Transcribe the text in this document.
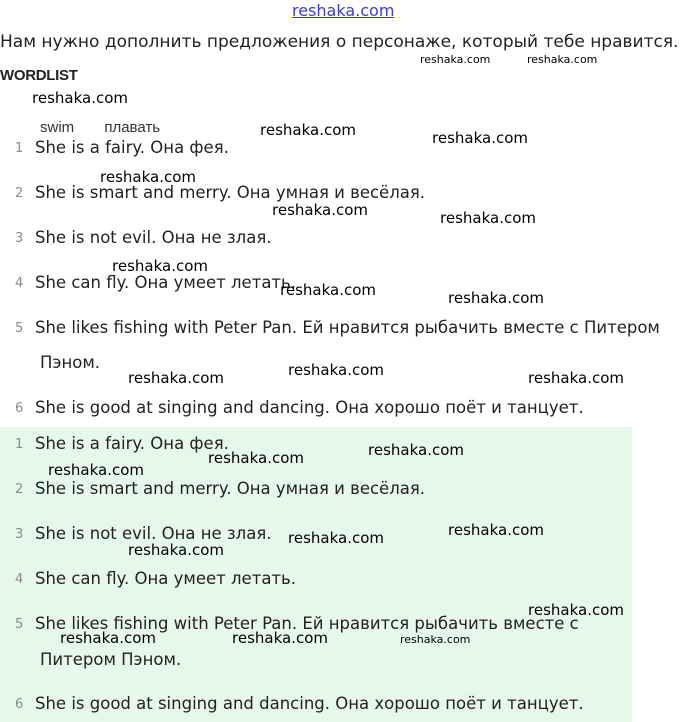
reshaka.com
Нам нужно дополнить предложения о персонаже, который тебе нравится.
WORDLIST
swim плавать
1 She is a fairy. Она фея.
2 She is smart and merry. Она умная и весёлая.
3 She is not evil. Она не злая.
4 She can fly. Она умеет летать.
5 She likes fishing with Peter Pan. Ей нравится рыбачить вместе с Питером
Пэном.
6 She is good at singing and dancing. Она хорошо поёт и танцует.
1 She is a fairy. Она фея.
2 She is smart and merry. Она умная и весёлая.
3 She is not evil. Она не злая.
4 She can fly. Она умеет летать.
5 She likes fishing with Peter Pan. Ей нравится рыбачить вместе с
Питером Пэном.
6 She is good at singing and dancing. Она хорошо поёт и танцует.
reshaka.com	reshaka.com
reshaka.com
reshaka.com	reshaka.com
reshaka.com
reshaka.com	reshaka.com
reshaka.com
reshaka.com	reshaka.com
reshaka.com	reshaka.com	reshaka.com
reshaka.com
reshaka.com
reshaka.com
reshaka.com
reshaka.com
reshaka.com
reshaka.com
reshaka.com	reshaka.com	reshaka.com
